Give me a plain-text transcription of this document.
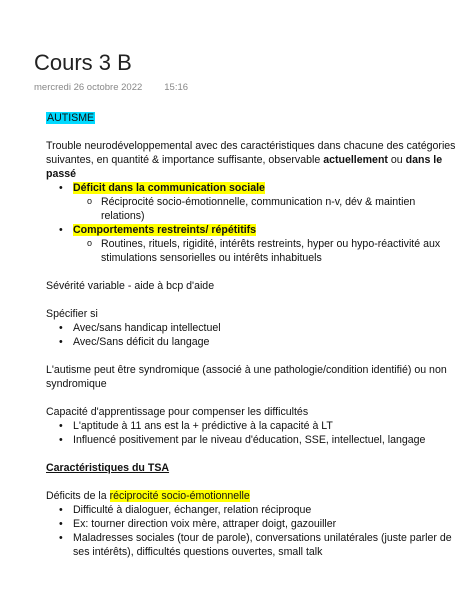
Cours 3 B
mercredi 26 octobre 2022 15:16

AUTISME

Trouble neurodéveloppemental avec des caractéristiques dans chacune des catégories suivantes, en quantité & importance suffisante, observable actuellement ou dans le passé

• Déficit dans la communication sociale
o Réciprocité socio-émotionnelle, communication n-v, dév & maintien relations)
• Comportements restreints/ répétitifs
o Routines, rituels, rigidité, intérêts restreints, hyper ou hypo-réactivité aux stimulations sensorielles ou intérêts inhabituels

Sévérité variable - aide à bcp d'aide

Spécifier si

• Avec/sans handicap intellectuel
• Avec/Sans déficit du langage

L'autisme peut être syndromique (associé à une pathologie/condition identifié) ou non syndromique

Capacité d'apprentissage pour compenser les difficultés

• L'aptitude à 11 ans est la + prédictive à la capacité à LT
• Influencé positivement par le niveau d'éducation, SSE, intellectuel, langage

Caractéristiques du TSA

Déficits de la réciprocité socio-émotionnelle

• Difficulté à dialoguer, échanger, relation réciproque
• Ex: tourner direction voix mère, attraper doigt, gazouiller
• Maladresses sociales (tour de parole), conversations unilatérales (juste parler de ses intérêts), difficultés questions ouvertes, small talk
